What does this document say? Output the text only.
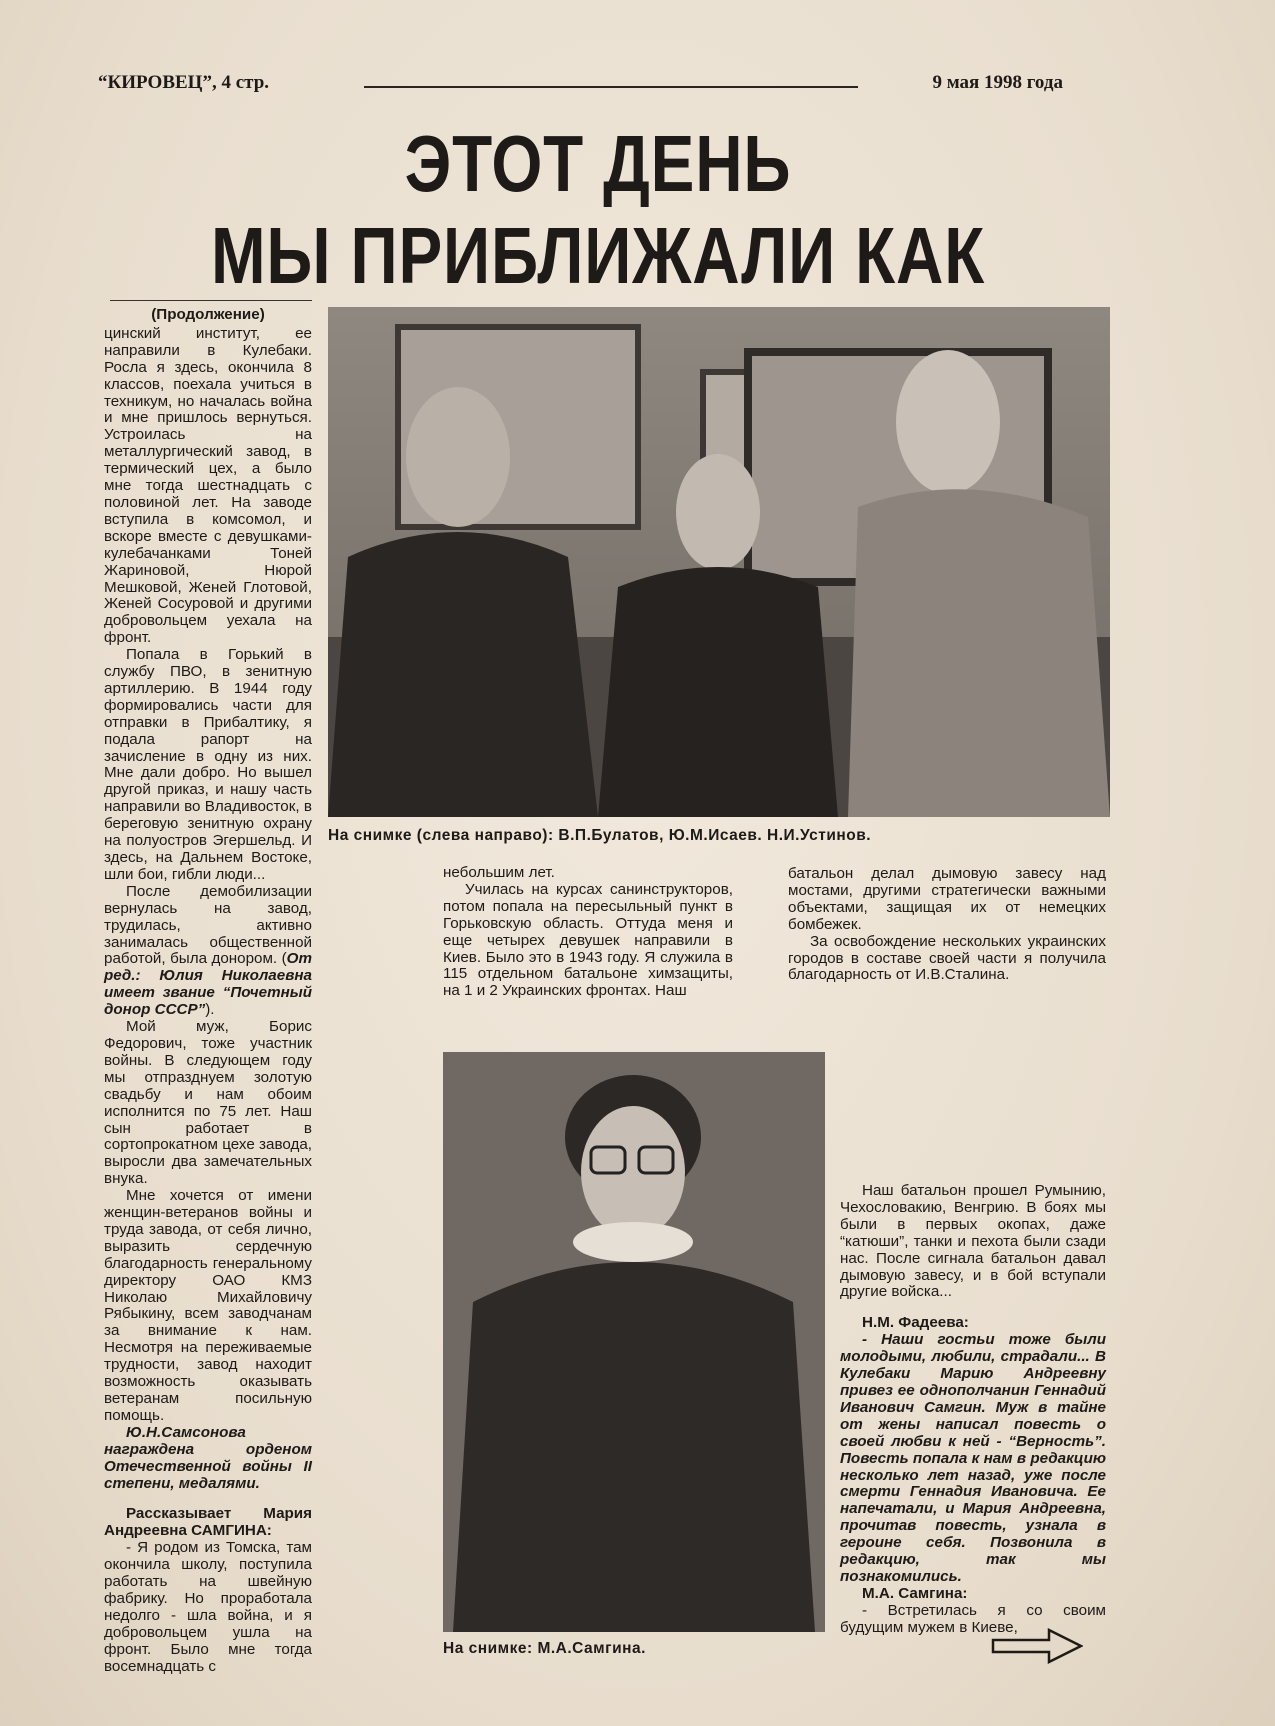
“КИРОВЕЦ”, 4 стр.	9 мая 1998 года
ЭТОТ ДЕНЬ
МЫ ПРИБЛИЖАЛИ КАК

(Продолжение)

цинский институт, ее направили в Кулебаки. Росла я здесь, окончила 8 классов, поехала учиться в техникум, но началась война и мне пришлось вернуться. Устроилась на металлургический завод, в термический цех, а было мне тогда шестнадцать с половиной лет. На заводе вступила в комсомол, и вскоре вместе с девушками-кулебачанками Тоней Жариновой, Нюрой Мешковой, Женей Глотовой, Женей Сосуровой и другими добровольцем уехала на фронт.

Попала в Горький в службу ПВО, в зенитную артиллерию. В 1944 году формировались части для отправки в Прибалтику, я подала рапорт на зачисление в одну из них. Мне дали добро. Но вышел другой приказ, и нашу часть направили во Владивосток, в береговую зенитную охрану на полуостров Эгершельд. И здесь, на Дальнем Востоке, шли бои, гибли люди...

После демобилизации вернулась на завод, трудилась, активно занималась общественной работой, была донором. (От ред.: Юлия Николаевна имеет звание “Почетный донор СССР”).

Мой муж, Борис Федорович, тоже участник войны. В следующем году мы отпразднуем золотую свадьбу и нам обоим исполнится по 75 лет. Наш сын работает в сортопрокатном цехе завода, выросли два замечательных внука.

Мне хочется от имени женщин-ветеранов войны и труда завода, от себя лично, выразить сердечную благодарность генеральному директору ОАО КМЗ Николаю Михайловичу Рябыкину, всем заводчанам за внимание к нам. Несмотря на переживаемые трудности, завод находит возможность оказывать ветеранам посильную помощь.

Ю.Н.Самсонова награждена орденом Отечественной войны II степени, медалями.

Рассказывает Мария Андреевна САМГИНА:

- Я родом из Томска, там окончила школу, поступила работать на швейную фабрику. Но проработала недолго - шла война, и я добровольцем ушла на фронт. Было мне тогда восемнадцать с

На снимке (слева направо): В.П.Булатов, Ю.М.Исаев. Н.И.Устинов.

небольшим лет.

Училась на курсах санинструкторов, потом попала на пересыльный пункт в Горьковскую область. Оттуда меня и еще четырех девушек направили в Киев. Было это в 1943 году. Я служила в 115 отдельном батальоне химзащиты, на 1 и 2 Украинских фронтах. Наш

батальон делал дымовую завесу над мостами, другими стратегически важными объектами, защищая их от немецких бомбежек.

За освобождение нескольких украинских городов в составе своей части я получила благодарность от И.В.Сталина.

Наш батальон прошел Румынию, Чехословакию, Венгрию. В боях мы были в первых окопах, даже “катюши”, танки и пехота были сзади нас. После сигнала батальон давал дымовую завесу, и в бой вступали другие войска...

Н.М. Фадеева:

- Наши гостьи тоже были молодыми, любили, страдали... В Кулебаки Марию Андреевну привез ее однополчанин Геннадий Иванович Самгин. Муж в тайне от жены написал повесть о своей любви к ней - “Верность”. Повесть попала к нам в редакцию несколько лет назад, уже после смерти Геннадия Ивановича. Ее напечатали, и Мария Андреевна, прочитав повесть, узнала в героине себя. Позвонила в редакцию, так мы познакомились.

М.А. Самгина:

- Встретилась я со своим будущим мужем в Киеве,

На снимке: М.А.Самгина.
